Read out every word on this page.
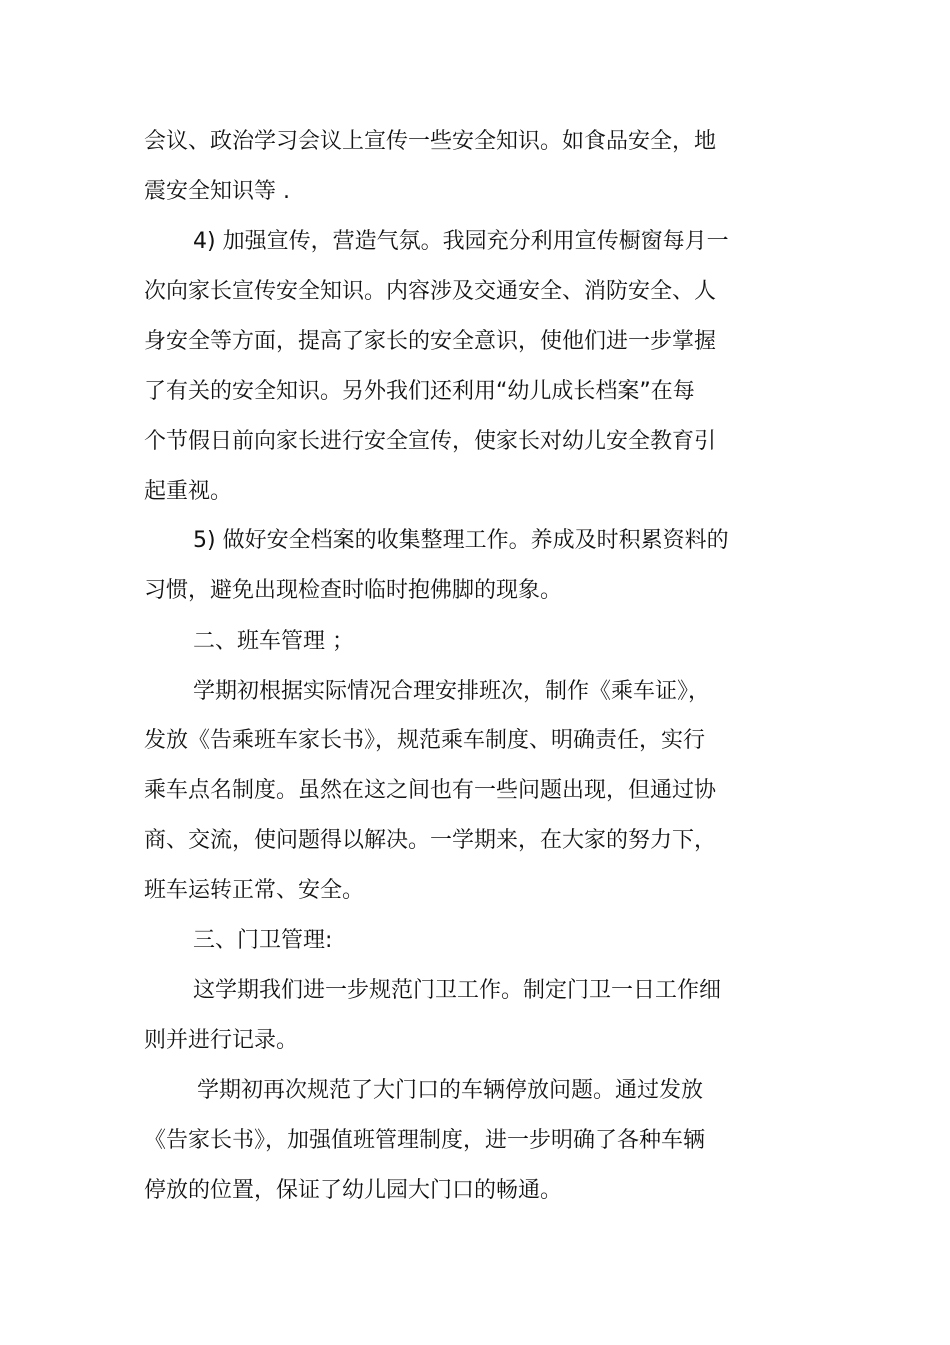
会议、政治学习会议上宣传一些安全知识。如食品安全，地
震安全知识等 .
4) 加强宣传，营造气氛。我园充分利用宣传橱窗每月一
次向家长宣传安全知识。内容涉及交通安全、消防安全、人
身安全等方面，提高了家长的安全意识，使他们进一步掌握
了有关的安全知识。另外我们还利用“幼儿成长档案”在每
个节假日前向家长进行安全宣传，使家长对幼儿安全教育引
起重视。
5) 做好安全档案的收集整理工作。养成及时积累资料的
习惯，避免出现检查时临时抱佛脚的现象。
二、班车管理 ；
学期初根据实际情况合理安排班次，制作《乘车证》，
发放《告乘班车家长书》，规范乘车制度、明确责任，实行
乘车点名制度。虽然在这之间也有一些问题出现，但通过协
商、交流，使问题得以解决。一学期来，在大家的努力下，
班车运转正常、安全。
三、门卫管理:
这学期我们进一步规范门卫工作。制定门卫一日工作细
则并进行记录。
学期初再次规范了大门口的车辆停放问题。通过发放
《告家长书》，加强值班管理制度，进一步明确了各种车辆
停放的位置，保证了幼儿园大门口的畅通。
